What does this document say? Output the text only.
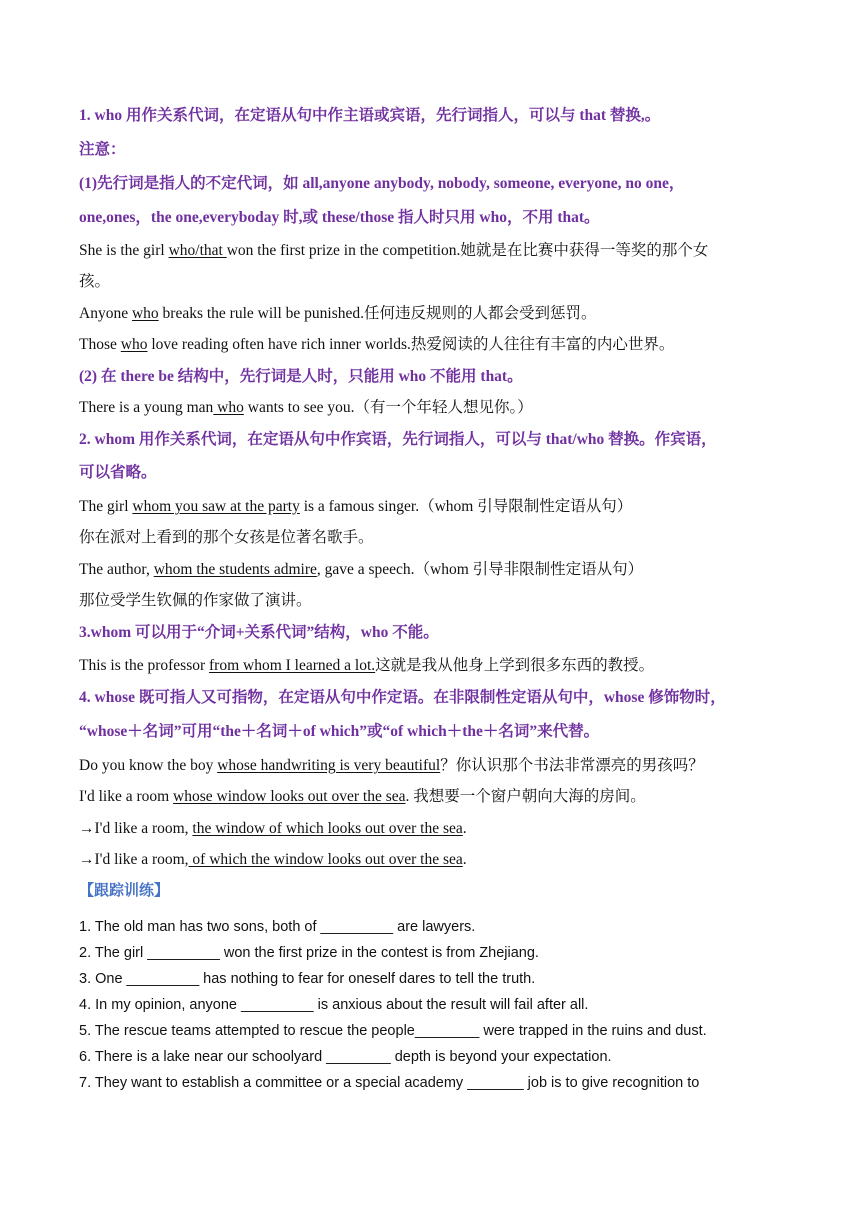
1. who 用作关系代词，在定语从句中作主语或宾语，先行词指人，可以与 that 替换,。
注意：
(1)先行词是指人的不定代词，如 all,anyone anybody, nobody, someone, everyone, no one，
one,ones，the one,everyboday 时,或 these/those 指人时只用 who，不用 that。
She is the girl who/that won the first prize in the competition.她就是在比赛中获得一等奖的那个女
孩。
Anyone who breaks the rule will be punished.任何违反规则的人都会受到惩罚。
Those who love reading often have rich inner worlds.热爱阅读的人往往有丰富的内心世界。
(2) 在 there be 结构中，先行词是人时，只能用 who 不能用 that。
There is a young man who wants to see you.（有一个年轻人想见你。）
2. whom 用作关系代词，在定语从句中作宾语，先行词指人，可以与 that/who 替换。作宾语，
可以省略。
The girl whom you saw at the party is a famous singer.（whom 引导限制性定语从句）
你在派对上看到的那个女孩是位著名歌手。
The author, whom the students admire, gave a speech.（whom 引导非限制性定语从句）
那位受学生钦佩的作家做了演讲。
3.whom 可以用于“介词+关系代词”结构，who 不能。
This is the professor from whom I learned a lot.这就是我从他身上学到很多东西的教授。
4. whose 既可指人又可指物，在定语从句中作定语。在非限制性定语从句中，whose 修饰物时，
“whose＋名词”可用“the＋名词＋of which”或“of which＋the＋名词”来代替。
Do you know the boy whose handwriting is very beautiful？你认识那个书法非常漂亮的男孩吗？
I'd like a room whose window looks out over the sea. 我想要一个窗户朝向大海的房间。
→I'd like a room, the window of which looks out over the sea.
→I'd like a room, of which the window looks out over the sea.
【跟踪训练】
1. The old man has two sons, both of _________ are lawyers.
2. The girl _________ won the first prize in the contest is from Zhejiang.
3. One _________ has nothing to fear for oneself dares to tell the truth.
4. In my opinion, anyone _________ is anxious about the result will fail after all.
5. The rescue teams attempted to rescue the people________ were trapped in the ruins and dust.
6. There is a lake near our schoolyard ________ depth is beyond your expectation.
7. They want to establish a committee or a special academy _______ job is to give recognition to
